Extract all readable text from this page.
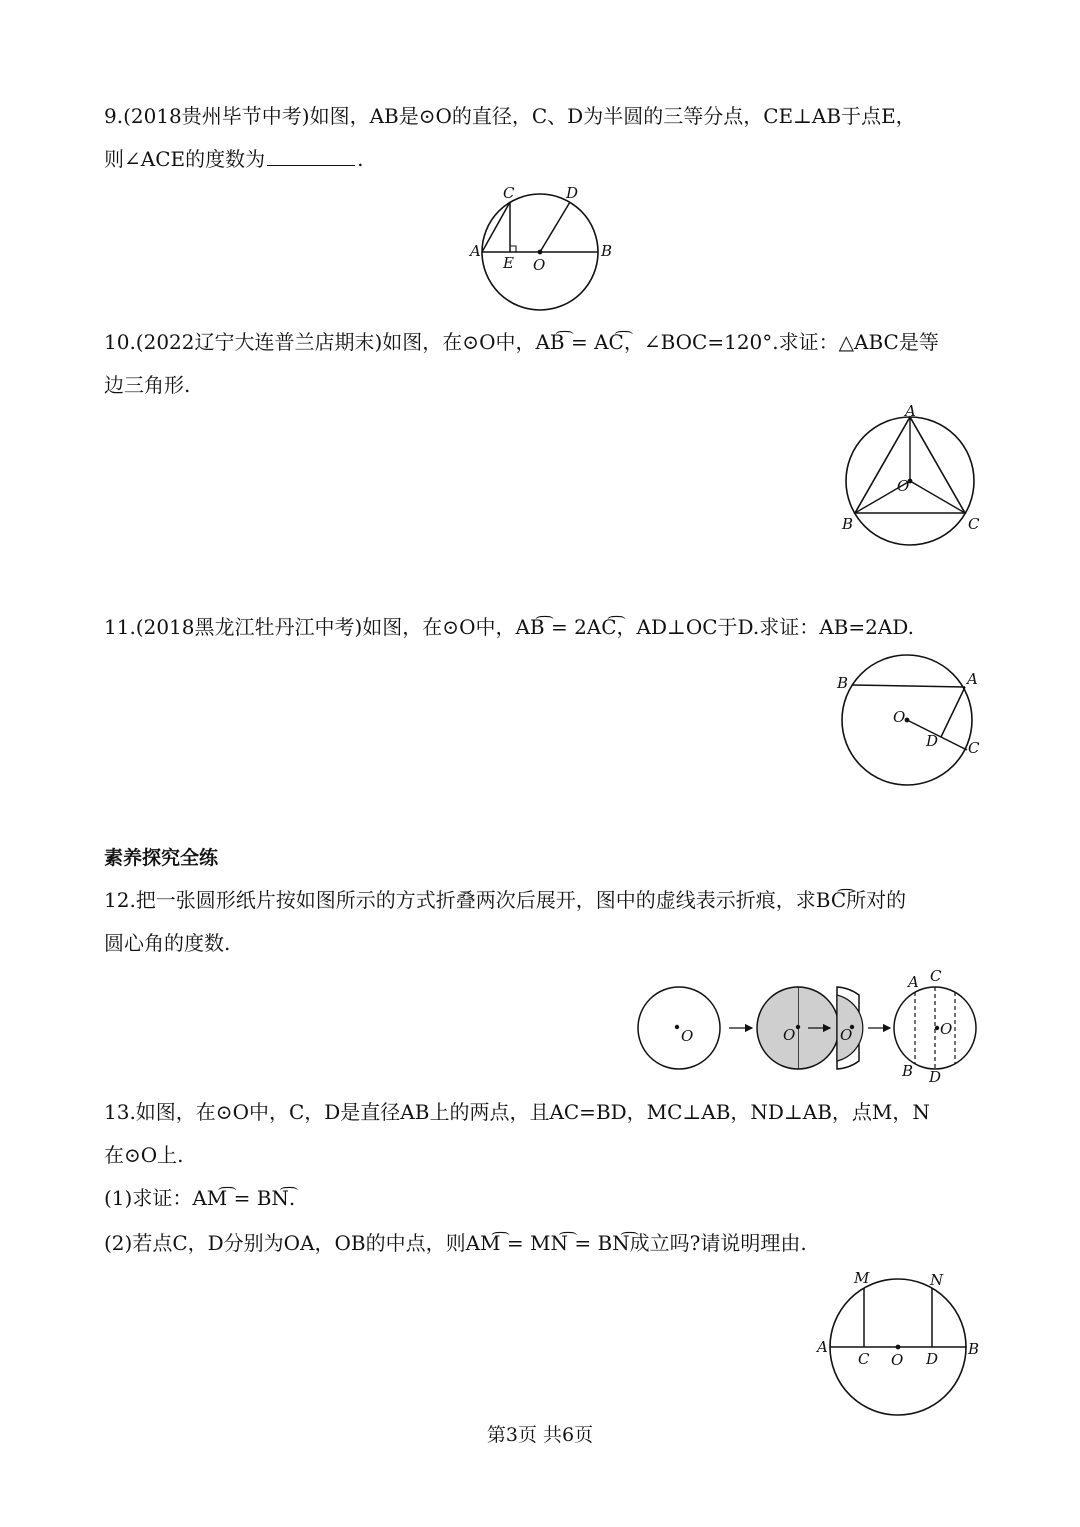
9.(2018贵州毕节中考)如图，AB是⊙O的直径，C、D为半圆的三等分点，CE⊥AB于点E，
则∠ACE的度数为	.
A	B
C	D
E O
10.(2022辽宁大连普兰店期末)如图，在⊙O中，AB͡ = AC͡，∠BOC=120°.求证：△ABC是等
边三角形.
A
B	C
O
11.(2018黑龙江牡丹江中考)如图，在⊙O中，AB͡ = 2AC͡，AD⊥OC于D.求证：AB=2AD.
B	A
O
D C
素养探究全练
12.把一张圆形纸片按如图所示的方式折叠两次后展开，图中的虚线表示折痕，求BC͡所对的
圆心角的度数.
O	O	O	O
A C
B D
13.如图，在⊙O中，C，D是直径AB上的两点，且AC=BD，MC⊥AB，ND⊥AB，点M，N
在⊙O上.
(1)求证：AM͡ = BN͡.
(2)若点C，D分别为OA，OB的中点，则AM͡ = MN͡ = BN͡成立吗?请说明理由.
A	B
C	D
O
M	N
第3页 共6页
